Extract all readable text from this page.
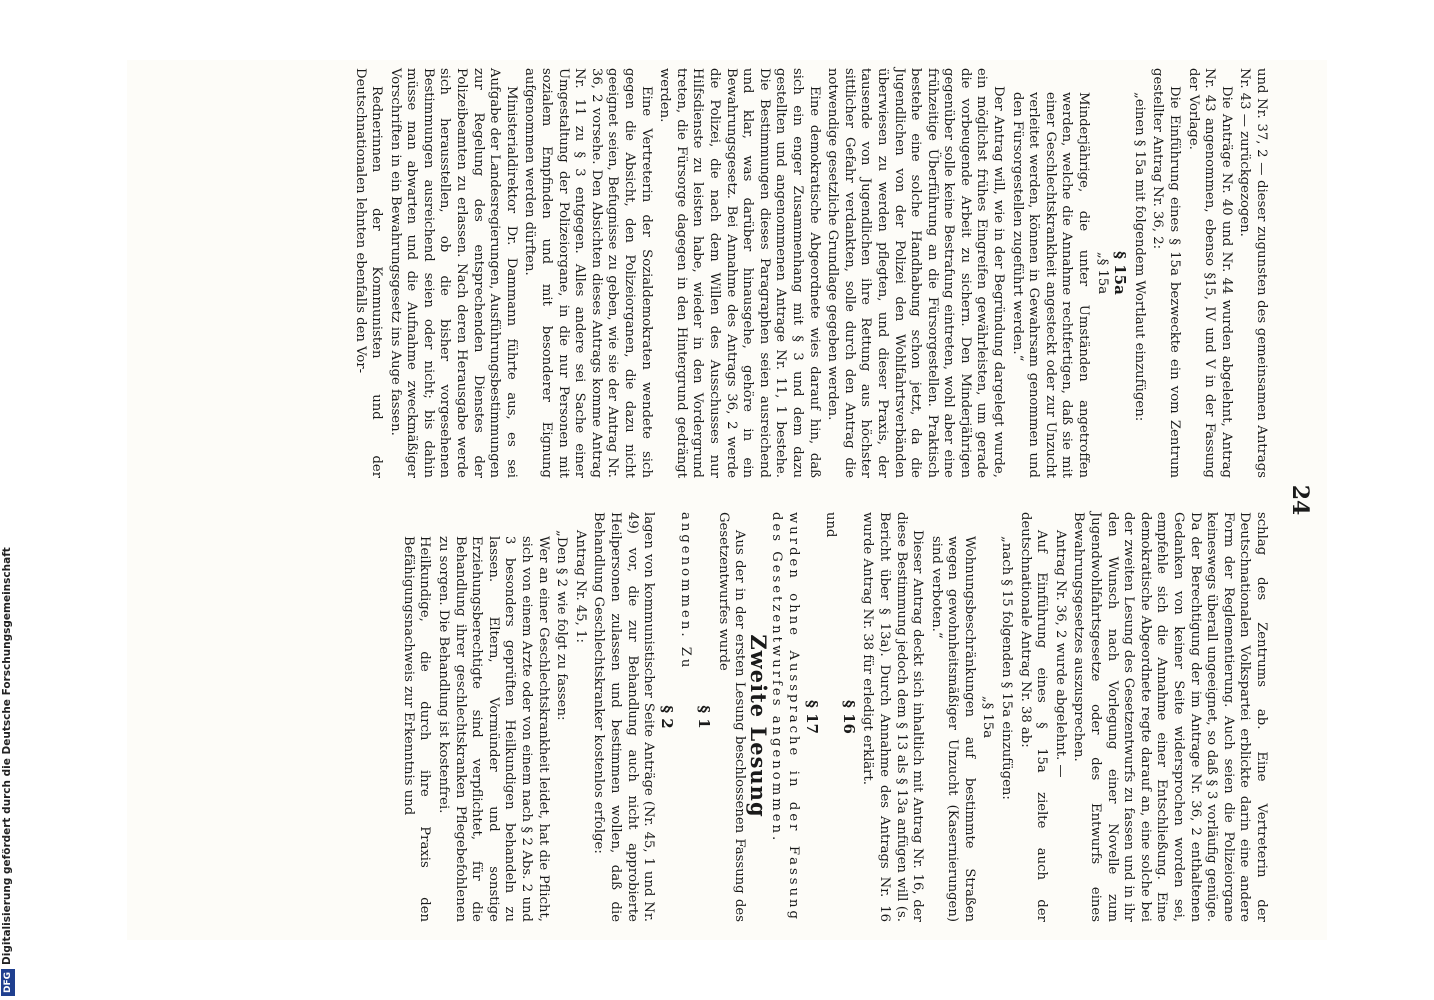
24

und Nr. 37, 2 — dieser zugunsten des gemeinsamen Antrags Nr. 43 — zurückgezogen.

Die Anträge Nr. 40 und Nr. 44 wurden abgelehnt, Antrag Nr. 43 angenommen, ebenso §15, IV und V in der Fassung der Vorlage.

Die Einführung eines § 15a bezweckte ein vom Zentrum gestellter Antrag Nr. 36, 2:

„einen § 15a mit folgendem Wortlaut einzufügen:

§ 15a

„§ 15a

Minderjährige, die unter Umständen angetroffen werden, welche die Annahme rechtfertigen, daß sie mit einer Geschlechtskrankheit angesteckt oder zur Unzucht verleitet werden, können in Gewahrsam genommen und den Fürsorgestellen zugeführt werden.“

Der Antrag will, wie in der Begründung dargelegt wurde, ein möglichst frühes Eingreifen gewährleisten, um gerade die vorbeugende Arbeit zu sichern. Den Minderjährigen gegenüber solle keine Bestrafung eintreten, wohl aber eine frühzeitige Überführung an die Fürsorgestellen. Praktisch bestehe eine solche Handhabung schon jetzt, da die Jugendlichen von der Polizei den Wohlfahrtsverbänden überwiesen zu werden pflegten, und dieser Praxis, der tausende von Jugendlichen ihre Rettung aus höchster sittlicher Gefahr verdankten, solle durch den Antrag die notwendige gesetzliche Grundlage gegeben werden.

Eine demokratische Abgeordnete wies darauf hin, daß sich ein enger Zusammenhang mit § 3 und dem dazu gestellten und angenommenen Antrage Nr. 11, 1 bestehe. Die Bestimmungen dieses Paragraphen seien ausreichend und klar, was darüber hinausgehe, gehöre in ein Bewahrungsgesetz. Bei Annahme des Antrags 36, 2 werde die Polizei, die nach dem Willen des Ausschusses nur Hilfsdienste zu leisten habe, wieder in den Vordergrund treten, die Fürsorge dagegen in den Hintergrund gedrängt werden.

Eine Vertreterin der Sozialdemokraten wendete sich gegen die Absicht, den Polizeiorganen, die dazu nicht geeignet seien, Befugnisse zu geben, wie sie der Antrag Nr. 36, 2 vorsehe. Den Absichten dieses Antrags komme Antrag Nr. 11 zu § 3 entgegen. Alles andere sei Sache einer Umgestaltung der Polizeiorgane, in die nur Personen mit sozialem Empfinden und mit besonderer Eignung aufgenommen werden dürften.

Ministerialdirektor Dr. Dammann führte aus, es sei Aufgabe der Landesregierungen, Ausführungsbestimmungen zur Regelung des entsprechenden Dienstes der Polizeibeamten zu erlassen. Nach deren Herausgabe werde sich herausstellen, ob die bisher vorgesehenen Bestimmungen ausreichend seien oder nicht; bis dahin müsse man abwarten und die Aufnahme zweckmäßiger Vorschriften in ein Bewahrungsgesetz ins Auge fassen.

Rednerinnen der Kommunisten und der Deutschnationalen lehnten ebenfalls den Vor-

schlag des Zentrums ab. Eine Vertreterin der Deutschnationalen Volkspartei erblickte darin eine andere Form der Reglementierung. Auch seien die Polizeiorgane keineswegs überall ungeeignet, so daß § 3 vorläufig genüge. Da der Berechtigung der im Antrage Nr. 36, 2 enthaltenen Gedanken von keiner Seite widersprochen worden sei, empfehle sich die Annahme einer Entschließung. Eine demokratische Abgeordnete regte darauf an, eine solche bei der zweiten Lesung des Gesetzentwurfs zu fassen und in ihr den Wunsch nach Vorlegung einer Novelle zum Jugendwohlfahrtsgesetze oder des Entwurfs eines Bewahrungsgesetzes auszusprechen.

Antrag Nr. 36, 2 wurde abgelehnt. —

Auf Einführung eines § 15a zielte auch der deutschnationale Antrag Nr. 38 ab:

„nach § 15 folgenden § 15a einzufügen:

„§ 15a

Wohnungsbeschränkungen auf bestimmte Straßen wegen gewohnheitsmäßiger Unzucht (Kasernierungen) sind verboten.“

Dieser Antrag deckt sich inhaltlich mit Antrag Nr. 16, der diese Bestimmung jedoch dem § 13 als § 13a anfügen will (s. Bericht über § 13a). Durch Annahme des Antrags Nr. 16 wurde Antrag Nr. 38 für erledigt erklärt.

§ 16

und

§ 17

wurden ohne Aussprache in der Fassung des Gesetzentwurfes angenommen.

Zweite Lesung

Aus der in der ersten Lesung beschlossenen Fassung des Gesetzentwurfes wurde

§ 1

angenommen. Zu

§ 2

lagen von kommunistischer Seite Anträge (Nr. 45, 1 und Nr. 49) vor, die zur Behandlung auch nicht approbierte Heilpersonen zulassen und bestimmen wollen, daß die Behandlung Geschlechtskranker kostenlos erfolge:

Antrag Nr. 45, 1:

„Den § 2 wie folgt zu fassen:

Wer an einer Geschlechtskrankheit leidet, hat die Pflicht, sich von einem Arzte oder von einem nach § 2 Abs. 2 und 3 besonders geprüften Heilkundigen behandeln zu lassen. Eltern, Vormünder und sonstige Erziehungsberechtigte sind verpflichtet, für die Behandlung ihrer geschlechtskranken Pflegebefohlenen zu sorgen. Die Behandlung ist kostenfrei.

Heilkundige, die durch ihre Praxis den Befähigungsnachweis zur Erkenntnis und

DFGDigitalisierung gefördert durch die Deutsche Forschungsgemeinschaft
